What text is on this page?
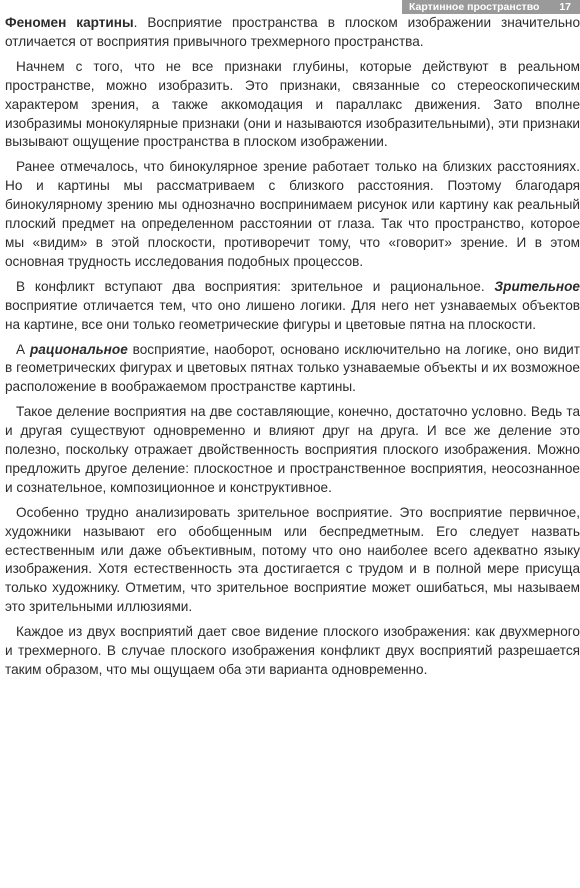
Картинное пространство 17

Феномен картины. Восприятие пространства в плоском изображении значительно отличается от восприятия привычного трехмерного пространства.

Начнем с того, что не все признаки глубины, которые действуют в реальном пространстве, можно изобразить. Это признаки, связанные со стереоскопическим характером зрения, а также аккомодация и параллакс движения. Зато вполне изобразимы монокулярные признаки (они и называются изобразительными), эти признаки вызывают ощущение пространства в плоском изображении.

Ранее отмечалось, что бинокулярное зрение работает только на близких расстояниях. Но и картины мы рассматриваем с близкого расстояния. Поэтому благодаря бинокулярному зрению мы однозначно воспринимаем рисунок или картину как реальный плоский предмет на определенном расстоянии от глаза. Так что пространство, которое мы «видим» в этой плоскости, противоречит тому, что «говорит» зрение. И в этом основная трудность исследования подобных процессов.

В конфликт вступают два восприятия: зрительное и рациональное. Зрительное восприятие отличается тем, что оно лишено логики. Для него нет узнаваемых объектов на картине, все они только геометрические фигуры и цветовые пятна на плоскости.

А рациональное восприятие, наоборот, основано исключительно на логике, оно видит в геометрических фигурах и цветовых пятнах только узнаваемые объекты и их возможное расположение в воображаемом пространстве картины.

Такое деление восприятия на две составляющие, конечно, достаточно условно. Ведь та и другая существуют одновременно и влияют друг на друга. И все же деление это полезно, поскольку отражает двойственность восприятия плоского изображения. Можно предложить другое деление: плоскостное и пространственное восприятия, неосознанное и сознательное, композиционное и конструктивное.

Особенно трудно анализировать зрительное восприятие. Это восприятие первичное, художники называют его обобщенным или беспредметным. Его следует назвать естественным или даже объективным, потому что оно наиболее всего адекватно языку изображения. Хотя естественность эта достигается с трудом и в полной мере присуща только художнику. Отметим, что зрительное восприятие может ошибаться, мы называем это зрительными иллюзиями.

Каждое из двух восприятий дает свое видение плоского изображения: как двухмерного и трехмерного. В случае плоского изображения конфликт двух восприятий разрешается таким образом, что мы ощущаем оба эти варианта одновременно.
